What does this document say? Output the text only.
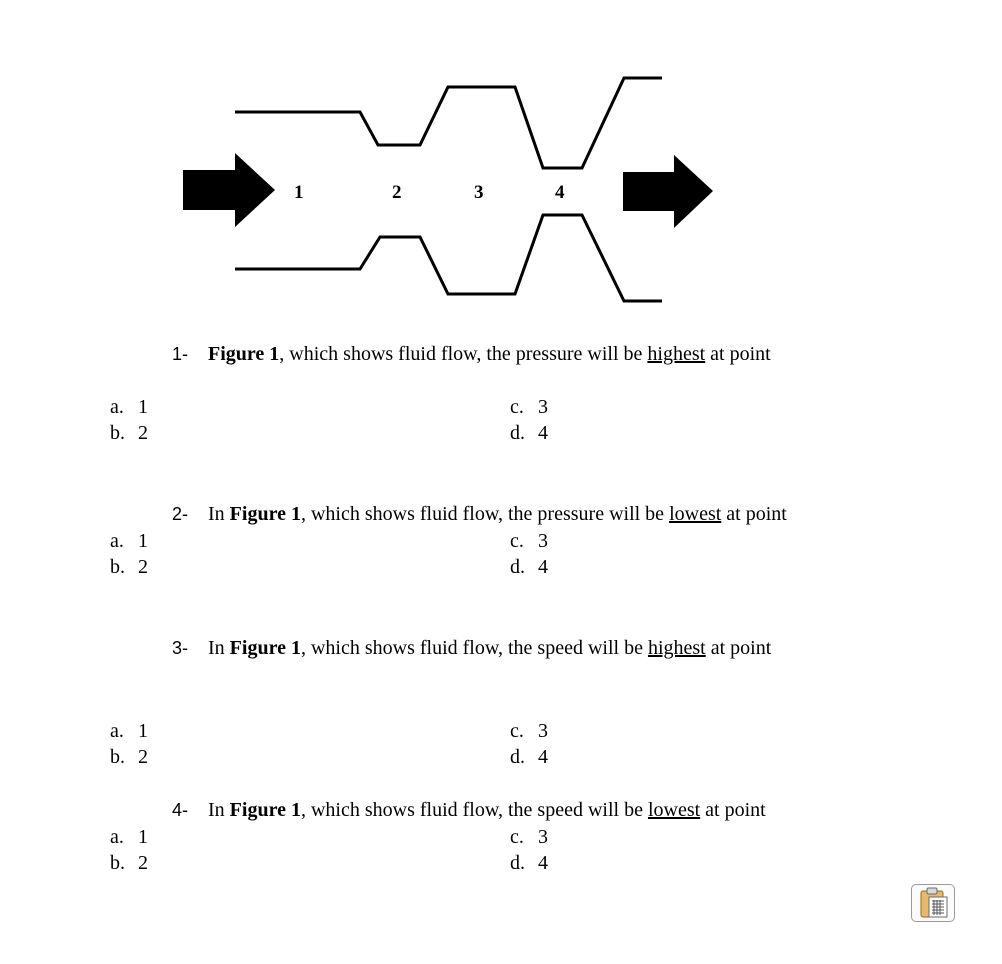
1	2	3	4
1- Figure 1, which shows fluid flow, the pressure will be highest at point
a. 1
b. 2
c. 3
d. 4
2- In Figure 1, which shows fluid flow, the pressure will be lowest at point
a. 1
b. 2
c. 3
d. 4
3- In Figure 1, which shows fluid flow, the speed will be highest at point
a. 1
b. 2
c. 3
d. 4
4- In Figure 1, which shows fluid flow, the speed will be lowest at point
a. 1
b. 2
c. 3
d. 4
